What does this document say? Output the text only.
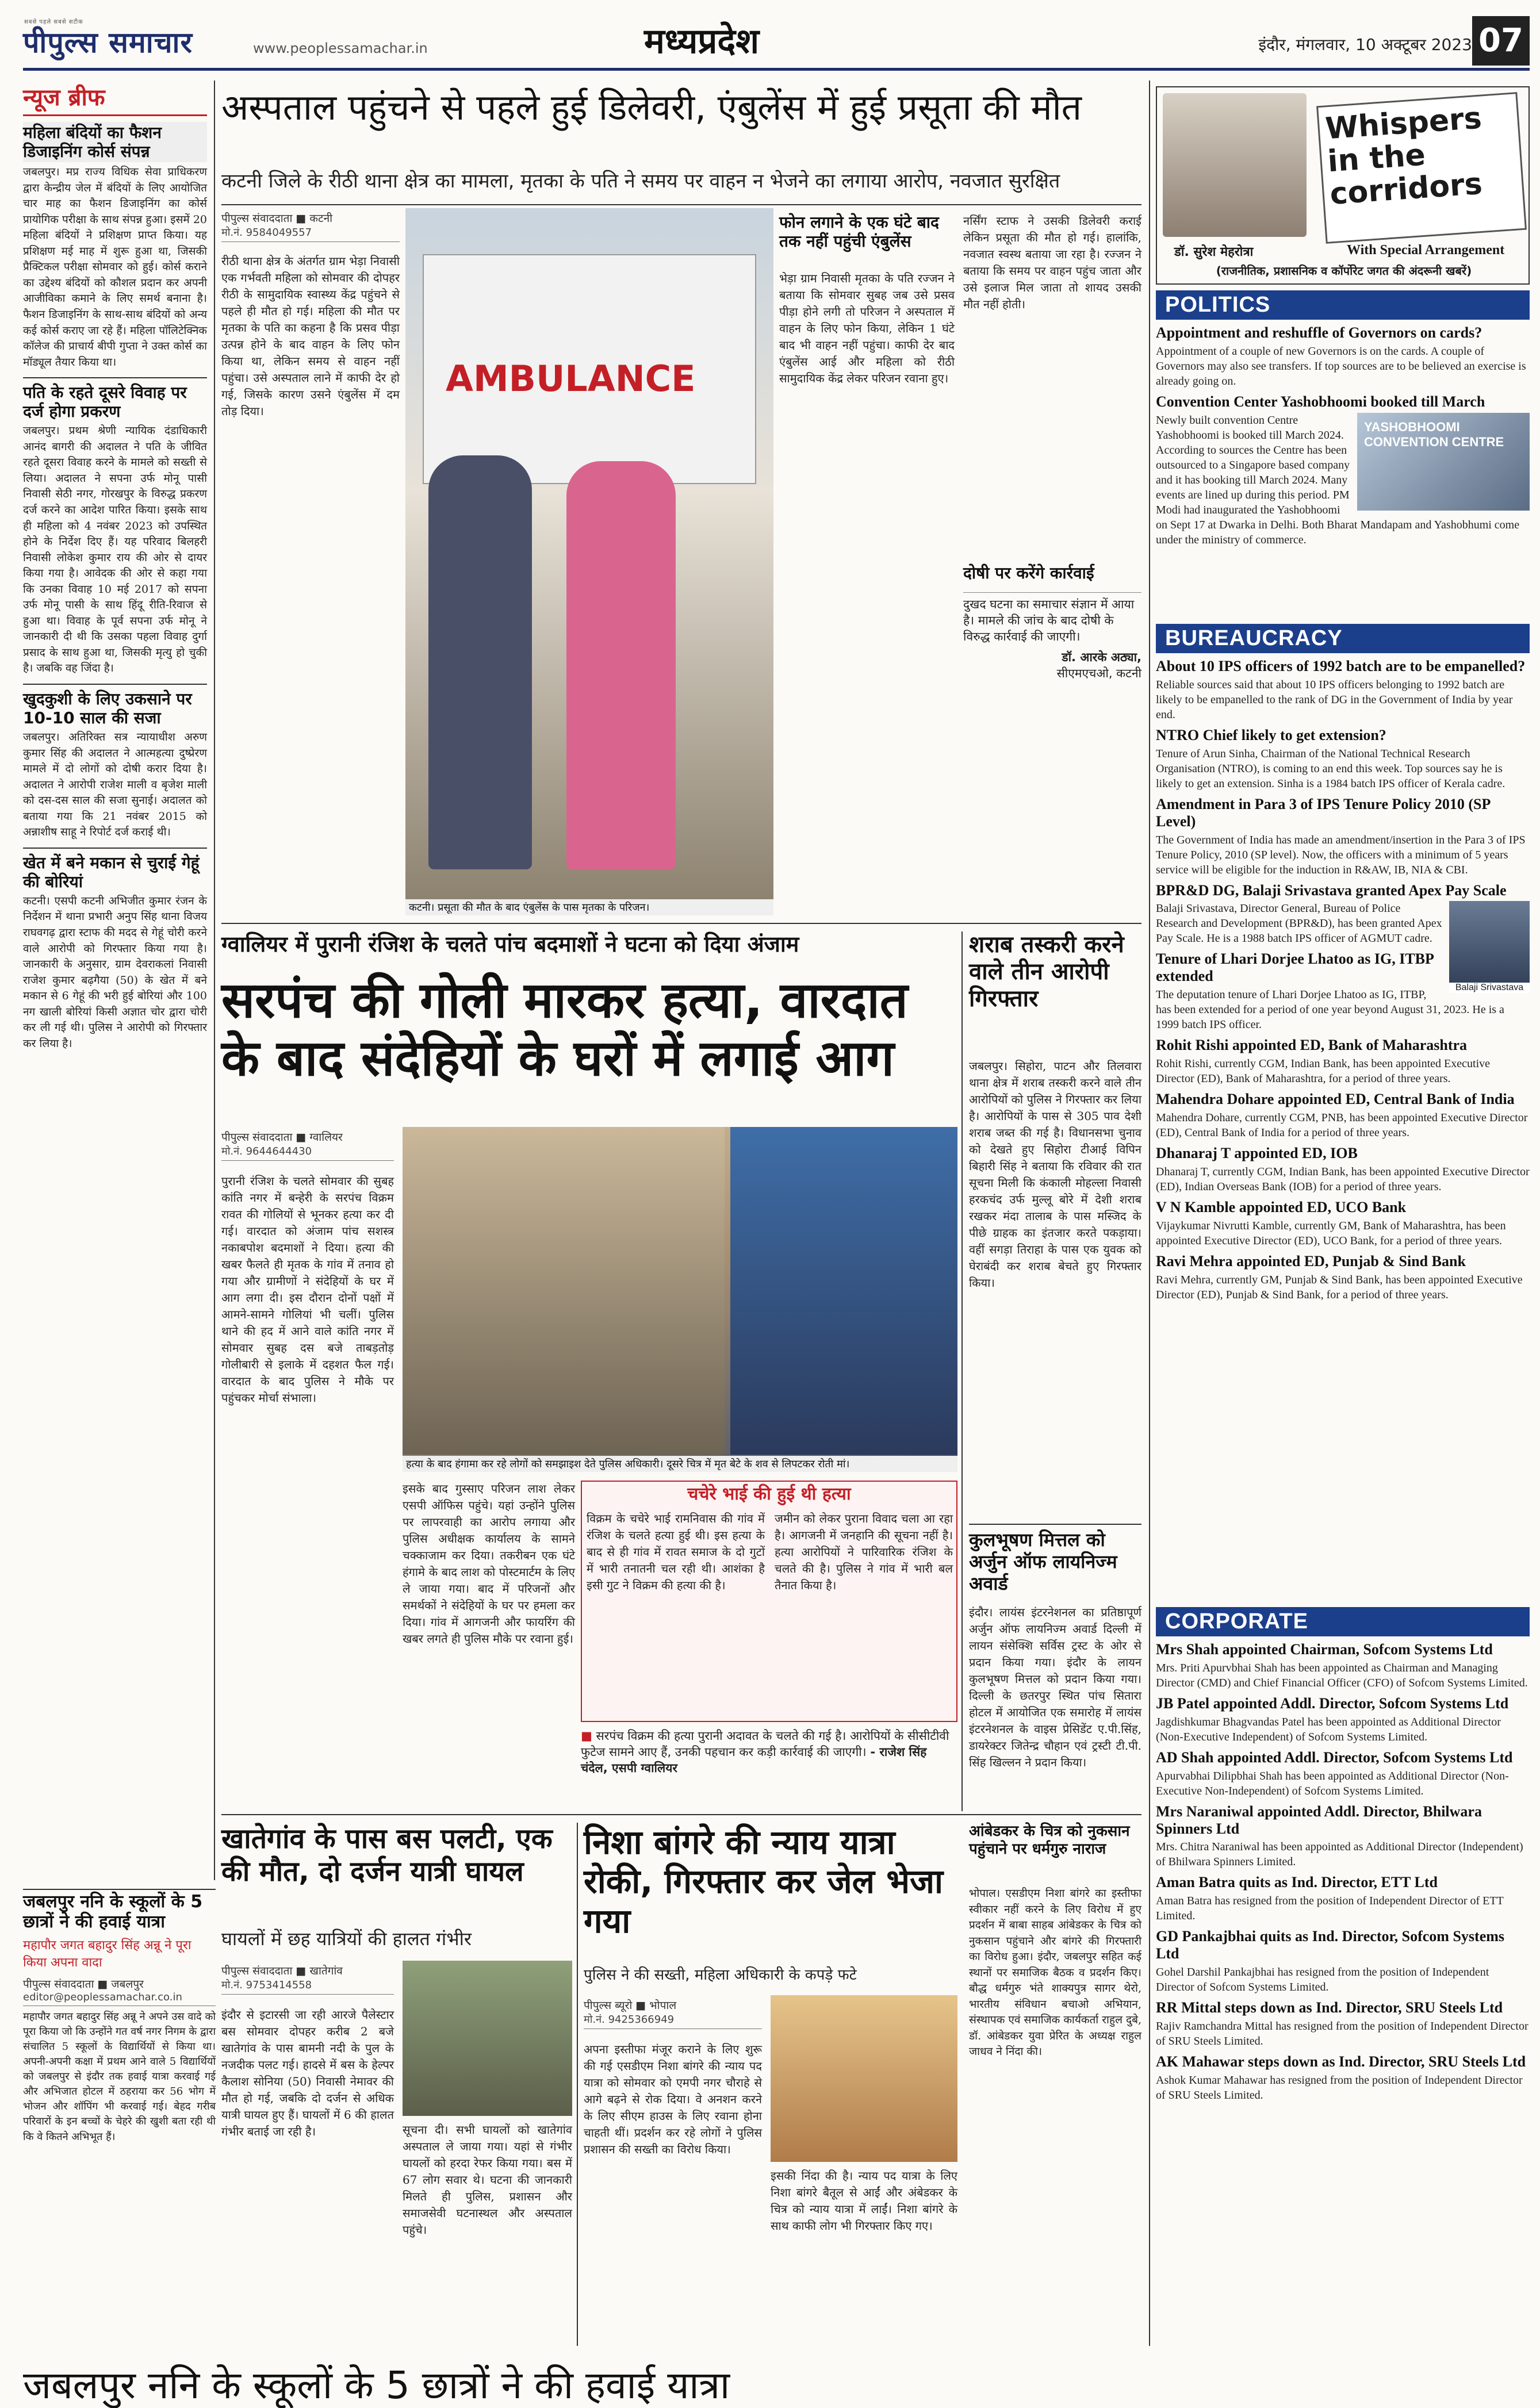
सबसे पहले सबसे सटीक
पीपुल्स समाचार	www.peoplessamachar.in	मध्यप्रदेश	इंदौर, मंगलवार, 10 अक्टूबर 2023 07
न्यूज ब्रीफ
महिला बंदियों का फैशन डिजाइनिंग कोर्स संपन्न
जबलपुर। मप्र राज्य विधिक सेवा प्राधिकरण द्वारा केन्द्रीय जेल में बंदियों के लिए आयोजित चार माह का फैशन डिजाइनिंग का कोर्स प्रायोगिक परीक्षा के साथ संपन्न हुआ। इसमें 20 महिला बंदियों ने प्रशिक्षण प्राप्त किया। यह प्रशिक्षण मई माह में शुरू हुआ था, जिसकी प्रैक्टिकल परीक्षा सोमवार को हुई। कोर्स कराने का उद्देश्य बंदियों को कौशल प्रदान कर अपनी आजीविका कमाने के लिए समर्थ बनाना है। फैशन डिजाइनिंग के साथ-साथ बंदियों को अन्य कई कोर्स कराए जा रहे हैं। महिला पॉलिटेक्निक कॉलेज की प्राचार्य बीपी गुप्ता ने उक्त कोर्स का मॉड्यूल तैयार किया था।
पति के रहते दूसरे विवाह पर दर्ज होगा प्रकरण
जबलपुर। प्रथम श्रेणी न्यायिक दंडाधिकारी आनंद बागरी की अदालत ने पति के जीवित रहते दूसरा विवाह करने के मामले को सख्ती से लिया। अदालत ने सपना उर्फ मोनू पासी निवासी सेठी नगर, गोरखपुर के विरुद्ध प्रकरण दर्ज करने का आदेश पारित किया। इसके साथ ही महिला को 4 नवंबर 2023 को उपस्थित होने के निर्देश दिए हैं। यह परिवाद बिलहरी निवासी लोकेश कुमार राय की ओर से दायर किया गया है। आवेदक की ओर से कहा गया कि उनका विवाह 10 मई 2017 को सपना उर्फ मोनू पासी के साथ हिंदू रीति-रिवाज से हुआ था। विवाह के पूर्व सपना उर्फ मोनू ने जानकारी दी थी कि उसका पहला विवाह दुर्गा प्रसाद के साथ हुआ था, जिसकी मृत्यु हो चुकी है। जबकि वह जिंदा है।
खुदकुशी के लिए उकसाने पर 10-10 साल की सजा
जबलपुर। अतिरिक्त सत्र न्यायाधीश अरुण कुमार सिंह की अदालत ने आत्महत्या दुष्प्रेरण मामले में दो लोगों को दोषी करार दिया है। अदालत ने आरोपी राजेश माली व बृजेश माली को दस-दस साल की सजा सुनाई। अदालत को बताया गया कि 21 नवंबर 2015 को अन्नाशीष साहू ने रिपोर्ट दर्ज कराई थी।
खेत में बने मकान से चुराई गेहूं की बोरियां
कटनी। एसपी कटनी अभिजीत कुमार रंजन के निर्देशन में थाना प्रभारी अनुप सिंह थाना विजय राघवगढ़ द्वारा स्टाफ की मदद से गेहूं चोरी करने वाले आरोपी को गिरफ्तार किया गया है। जानकारी के अनुसार, ग्राम देवराकलां निवासी राजेश कुमार बढ़गैया (50) के खेत में बने मकान से 6 गेहूं की भरी हुई बोरियां और 100 नग खाली बोरियां किसी अज्ञात चोर द्वारा चोरी कर ली गई थी। पुलिस ने आरोपी को गिरफ्तार कर लिया है।
अस्पताल पहुंचने से पहले हुई डिलेवरी, एंबुलेंस में हुई प्रसूता की मौत
कटनी जिले के रीठी थाना क्षेत्र का मामला, मृतका के पति ने समय पर वाहन न भेजने का लगाया आरोप, नवजात सुरक्षित
पीपुल्स संवाददाता ■ कटनी
मो.नं. 9584049557
रीठी थाना क्षेत्र के अंतर्गत ग्राम भेड़ा निवासी एक गर्भवती महिला को सोमवार की दोपहर रीठी के सामुदायिक स्वास्थ्य केंद्र पहुंचने से पहले ही मौत हो गई। महिला की मौत पर मृतका के पति का कहना है कि प्रसव पीड़ा उत्पन्न होने के बाद वाहन के लिए फोन किया था, लेकिन समय से वाहन नहीं पहुंचा। उसे अस्पताल लाने में काफी देर हो गई, जिसके कारण उसने एंबुलेंस में दम तोड़ दिया।
AMBULANCE
कटनी। प्रसूता की मौत के बाद एंबुलेंस के पास मृतका के परिजन।
फोन लगाने के एक घंटे बाद तक नहीं पहुंची एंबुलेंस
भेड़ा ग्राम निवासी मृतका के पति रज्जन ने बताया कि सोमवार सुबह जब उसे प्रसव पीड़ा होने लगी तो परिजन ने अस्पताल में वाहन के लिए फोन किया, लेकिन 1 घंटे बाद भी वाहन नहीं पहुंचा। काफी देर बाद एंबुलेंस आई और महिला को रीठी सामुदायिक केंद्र लेकर परिजन रवाना हुए।
नर्सिंग स्टाफ ने उसकी डिलेवरी कराई लेकिन प्रसूता की मौत हो गई। हालांकि, नवजात स्वस्थ बताया जा रहा है। रज्जन ने बताया कि समय पर वाहन पहुंच जाता और उसे इलाज मिल जाता तो शायद उसकी मौत नहीं होती।
दोषी पर करेंगे कार्रवाई
दुखद घटना का समाचार संज्ञान में आया है। मामले की जांच के बाद दोषी के विरुद्ध कार्रवाई की जाएगी।
डॉ. आरके अठ्या,
सीएमएचओ, कटनी
ग्वालियर में पुरानी रंजिश के चलते पांच बदमाशों ने घटना को दिया अंजाम
सरपंच की गोली मारकर हत्या, वारदात के बाद संदेहियों के घरों में लगाई आग
पीपुल्स संवाददाता ■ ग्वालियर
मो.नं. 9644644430
पुरानी रंजिश के चलते सोमवार की सुबह कांति नगर में बन्हेरी के सरपंच विक्रम रावत की गोलियों से भूनकर हत्या कर दी गई। वारदात को अंजाम पांच सशस्त्र नकाबपोश बदमाशों ने दिया। हत्या की खबर फैलते ही मृतक के गांव में तनाव हो गया और ग्रामीणों ने संदेहियों के घर में आग लगा दी। इस दौरान दोनों पक्षों में आमने-सामने गोलियां भी चलीं। पुलिस थाने की हद में आने वाले कांति नगर में सोमवार सुबह दस बजे ताबड़तोड़ गोलीबारी से इलाके में दहशत फैल गई। वारदात के बाद पुलिस ने मौके पर पहुंचकर मोर्चा संभाला।
हत्या के बाद हंगामा कर रहे लोगों को समझाइश देते पुलिस अधिकारी। दूसरे चित्र में मृत बेटे के शव से लिपटकर रोती मां।
इसके बाद गुस्साए परिजन लाश लेकर एसपी ऑफिस पहुंचे। यहां उन्होंने पुलिस पर लापरवाही का आरोप लगाया और पुलिस अधीक्षक कार्यालय के सामने चक्काजाम कर दिया। तकरीबन एक घंटे हंगामे के बाद लाश को पोस्टमार्टम के लिए ले जाया गया। बाद में परिजनों और समर्थकों ने संदेहियों के घर पर हमला कर दिया। गांव में आगजनी और फायरिंग की खबर लगते ही पुलिस मौके पर रवाना हुई।
चचेरे भाई की हुई थी हत्या
विक्रम के चचेरे भाई रामनिवास की गांव में रंजिश के चलते हत्या हुई थी। इस हत्या के बाद से ही गांव में रावत समाज के दो गुटों में भारी तनातनी चल रही थी। आशंका है इसी गुट ने विक्रम की हत्या की है।
जमीन को लेकर पुराना विवाद चला आ रहा है। आगजनी में जनहानि की सूचना नहीं है। हत्या आरोपियों ने पारिवारिक रंजिश के चलते की है। पुलिस ने गांव में भारी बल तैनात किया है।
■ सरपंच विक्रम की हत्या पुरानी अदावत के चलते की गई है। आरोपियों के सीसीटीवी फुटेज सामने आए हैं, उनकी पहचान कर कड़ी कार्रवाई की जाएगी। - राजेश सिंह चंदेल, एसपी ग्वालियर
शराब तस्करी करने वाले तीन आरोपी गिरफ्तार
जबलपुर। सिहोरा, पाटन और तिलवारा थाना क्षेत्र में शराब तस्करी करने वाले तीन आरोपियों को पुलिस ने गिरफ्तार कर लिया है। आरोपियों के पास से 305 पाव देशी शराब जब्त की गई है। विधानसभा चुनाव को देखते हुए सिहोरा टीआई विपिन बिहारी सिंह ने बताया कि रविवार की रात सूचना मिली कि कंकाली मोहल्ला निवासी हरकचंद उर्फ मुल्लू बोरे में देशी शराब रखकर मंदा तालाब के पास मस्जिद के पीछे ग्राहक का इंतजार करते पकड़ाया। वहीं सगड़ा तिराहा के पास एक युवक को घेराबंदी कर शराब बेचते हुए गिरफ्तार किया।
कुलभूषण मित्तल को अर्जुन ऑफ लायनिज्म अवार्ड
इंदौर। लायंस इंटरनेशनल का प्रतिष्ठापूर्ण अर्जुन ऑफ लायनिज्म अवार्ड दिल्ली में लायन संसेक्शि सर्विस ट्रस्ट के ओर से प्रदान किया गया। इंदौर के लायन कुलभूषण मित्तल को प्रदान किया गया। दिल्ली के छतरपुर स्थित पांच सितारा होटल में आयोजित एक समारोह में लायंस इंटरनेशनल के वाइस प्रेसिडेंट ए.पी.सिंह, डायरेक्टर जितेन्द्र चौहान एवं ट्रस्टी टी.पी. सिंह खिल्लन ने प्रदान किया।
खातेगांव के पास बस पलटी, एक की मौत, दो दर्जन यात्री घायल
घायलों में छह यात्रियों की हालत गंभीर
पीपुल्स संवाददाता ■ खातेगांव
मो.नं. 9753414558
इंदौर से इटारसी जा रही आरजे पैलेस्टार बस सोमवार दोपहर करीब 2 बजे खातेगांव के पास बामनी नदी के पुल के नजदीक पलट गई। हादसे में बस के हेल्पर कैलाश सोनिया (50) निवासी नेमावर की मौत हो गई, जबकि दो दर्जन से अधिक यात्री घायल हुए हैं। घायलों में 6 की हालत गंभीर बताई जा रही है।	सूचना दी। सभी घायलों को खातेगांव अस्पताल ले जाया गया। यहां से गंभीर घायलों को हरदा रेफर किया गया। बस में 67 लोग सवार थे। घटना की जानकारी मिलते ही पुलिस, प्रशासन और समाजसेवी घटनास्थल और अस्पताल पहुंचे।
निशा बांगरे की न्याय यात्रा रोकी, गिरफ्तार कर जेल भेजा गया
पुलिस ने की सख्ती, महिला अधिकारी के कपड़े फटे
पीपुल्स ब्यूरो ■ भोपाल
मो.नं. 9425366949
अपना इस्तीफा मंजूर कराने के लिए शुरू की गई एसडीएम निशा बांगरे की न्याय पद यात्रा को सोमवार को एमपी नगर चौराहे से आगे बढ़ने से रोक दिया। वे अनशन करने के लिए सीएम हाउस के लिए रवाना होना चाहती थीं। प्रदर्शन कर रहे लोगों ने पुलिस प्रशासन की सख्ती का विरोध किया।
इसकी निंदा की है। न्याय पद यात्रा के लिए निशा बांगरे बैतूल से आईं और अंबेडकर के चित्र को न्याय यात्रा में लाईं। निशा बांगरे के साथ काफी लोग भी गिरफ्तार किए गए।
आंबेडकर के चित्र को नुकसान पहुंचाने पर धर्मगुरु नाराज
भोपाल। एसडीएम निशा बांगरे का इस्तीफा स्वीकार नहीं करने के लिए विरोध में हुए प्रदर्शन में बाबा साहब आंबेडकर के चित्र को नुकसान पहुंचाने और बांगरे की गिरफ्तारी का विरोध हुआ। इंदौर, जबलपुर सहित कई स्थानों पर समाजिक बैठक व प्रदर्शन किए। बौद्ध धर्मगुरु भंते शाक्यपुत्र सागर थेरो, भारतीय संविधान बचाओ अभियान, संस्थापक एवं समाजिक कार्यकर्ता राहुल दुबे, डॉ. आंबेडकर युवा प्रेरित के अध्यक्ष राहुल जाधव ने निंदा की।
जबलपुर ननि के स्कूलों के 5 छात्रों ने की हवाई यात्रा
Whispers in the corridors
डॉ. सुरेश मेहरोत्रा	With Special Arrangement
(राजनीतिक, प्रशासनिक व कॉर्पोरेट जगत की अंदरूनी खबरें)
POLITICS
Appointment and reshuffle of Governors on cards?

Appointment of a couple of new Governors is on the cards. A couple of Governors may also see transfers. If top sources are to be believed an exercise is already going on.

Convention Center Yashobhoomi booked till March
YASHOBHOOMI CONVENTION CENTRE

Newly built convention Centre Yashobhoomi is booked till March 2024. According to sources the Centre has been outsourced to a Singapore based company and it has booking till March 2024. Many events are lined up during this period. PM Modi had inaugurated the Yashobhoomi on Sept 17 at Dwarka in Delhi. Both Bharat Mandapam and Yashobhumi come under the ministry of commerce.

BUREAUCRACY
About 10 IPS officers of 1992 batch are to be empanelled?

Reliable sources said that about 10 IPS officers belonging to 1992 batch are likely to be empanelled to the rank of DG in the Government of India by year end.

NTRO Chief likely to get extension?

Tenure of Arun Sinha, Chairman of the National Technical Research Organisation (NTRO), is coming to an end this week. Top sources say he is likely to get an extension. Sinha is a 1984 batch IPS officer of Kerala cadre.

Amendment in Para 3 of IPS Tenure Policy 2010 (SP Level)

The Government of India has made an amendment/insertion in the Para 3 of IPS Tenure Policy, 2010 (SP level). Now, the officers with a minimum of 5 years service will be eligible for the induction in R&AW, IB, NIA & CBI.

BPR&D DG, Balaji Srivastava granted Apex Pay Scale
Balaji Srivastava

Balaji Srivastava, Director General, Bureau of Police Research and Development (BPR&D), has been granted Apex Pay Scale. He is a 1988 batch IPS officer of AGMUT cadre.

Tenure of Lhari Dorjee Lhatoo as IG, ITBP extended

The deputation tenure of Lhari Dorjee Lhatoo as IG, ITBP, has been extended for a period of one year beyond August 31, 2023. He is a 1999 batch IPS officer.

Rohit Rishi appointed ED, Bank of Maharashtra

Rohit Rishi, currently CGM, Indian Bank, has been appointed Executive Director (ED), Bank of Maharashtra, for a period of three years.

Mahendra Dohare appointed ED, Central Bank of India

Mahendra Dohare, currently CGM, PNB, has been appointed Executive Director (ED), Central Bank of India for a period of three years.

Dhanaraj T appointed ED, IOB

Dhanaraj T, currently CGM, Indian Bank, has been appointed Executive Director (ED), Indian Overseas Bank (IOB) for a period of three years.

V N Kamble appointed ED, UCO Bank

Vijaykumar Nivrutti Kamble, currently GM, Bank of Maharashtra, has been appointed Executive Director (ED), UCO Bank, for a period of three years.

Ravi Mehra appointed ED, Punjab & Sind Bank

Ravi Mehra, currently GM, Punjab & Sind Bank, has been appointed Executive Director (ED), Punjab & Sind Bank, for a period of three years.

CORPORATE
Mrs Shah appointed Chairman, Sofcom Systems Ltd

Mrs. Priti Apurvbhai Shah has been appointed as Chairman and Managing Director (CMD) and Chief Financial Officer (CFO) of Sofcom Systems Limited.

JB Patel appointed Addl. Director, Sofcom Systems Ltd

Jagdishkumar Bhagvandas Patel has been appointed as Additional Director (Non-Executive Independent) of Sofcom Systems Limited.

AD Shah appointed Addl. Director, Sofcom Systems Ltd

Apurvabhai Dilipbhai Shah has been appointed as Additional Director (Non-Executive Non-Independent) of Sofcom Systems Limited.

Mrs Naraniwal appointed Addl. Director, Bhilwara Spinners Ltd

Mrs. Chitra Naraniwal has been appointed as Additional Director (Independent) of Bhilwara Spinners Limited.

Aman Batra quits as Ind. Director, ETT Ltd

Aman Batra has resigned from the position of Independent Director of ETT Limited.

GD Pankajbhai quits as Ind. Director, Sofcom Systems Ltd

Gohel Darshil Pankajbhai has resigned from the position of Independent Director of Sofcom Systems Limited.

RR Mittal steps down as Ind. Director, SRU Steels Ltd

Rajiv Ramchandra Mittal has resigned from the position of Independent Director of SRU Steels Limited.

AK Mahawar steps down as Ind. Director, SRU Steels Ltd

Ashok Kumar Mahawar has resigned from the position of Independent Director of SRU Steels Limited.

जबलपुर ननि के स्कूलों के 5 छात्रों ने की हवाई यात्रा
महापौर जगत बहादुर सिंह अन्नू ने पूरा किया अपना वादा
पीपुल्स संवाददाता ■ जबलपुर
editor@peoplessamachar.co.in
महापौर जगत बहादुर सिंह अन्नू ने अपने उस वादे को पूरा किया जो कि उन्होंने गत वर्ष नगर निगम के द्वारा संचालित 5 स्कूलों के विद्यार्थियों से किया था। अपनी-अपनी कक्षा में प्रथम आने वाले 5 विद्यार्थियों को जबलपुर से इंदौर तक हवाई यात्रा करवाई गई और अभिजात होटल में ठहराया कर 56 भोग में भोजन और शॉपिंग भी करवाई गई। बेहद गरीब परिवारों के इन बच्चों के चेहरे की खुशी बता रही थी कि वे कितने अभिभूत हैं।
